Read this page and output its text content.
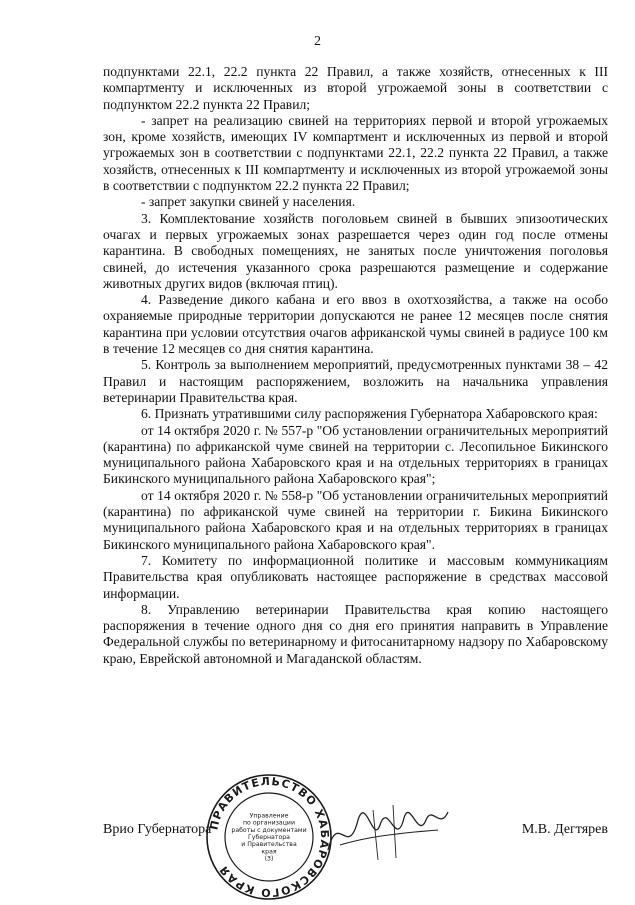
2

подпунктами 22.1, 22.2 пункта 22 Правил, а также хозяйств, отнесенных к III компартменту и исключенных из второй угрожаемой зоны в соответствии с подпунктом 22.2 пункта 22 Правил;

- запрет на реализацию свиней на территориях первой и второй угрожаемых зон, кроме хозяйств, имеющих IV компартмент и исключенных из первой и второй угрожаемых зон в соответствии с подпунктами 22.1, 22.2 пункта 22 Правил, а также хозяйств, отнесенных к III компартменту и исключенных из второй угрожаемой зоны в соответствии с подпунктом 22.2 пункта 22 Правил;

- запрет закупки свиней у населения.

3. Комплектование хозяйств поголовьем свиней в бывших эпизоотических очагах и первых угрожаемых зонах разрешается через один год после отмены карантина. В свободных помещениях, не занятых после уничтожения поголовья свиней, до истечения указанного срока разрешаются размещение и содержание животных других видов (включая птиц).

4. Разведение дикого кабана и его ввоз в охотхозяйства, а также на особо охраняемые природные территории допускаются не ранее 12 месяцев после снятия карантина при условии отсутствия очагов африканской чумы свиней в радиусе 100 км в течение 12 месяцев со дня снятия карантина.

5. Контроль за выполнением мероприятий, предусмотренных пунктами 38 – 42 Правил и настоящим распоряжением, возложить на начальника управления ветеринарии Правительства края.

6. Признать утратившими силу распоряжения Губернатора Хабаровского края:

от 14 октября 2020 г. № 557-р "Об установлении ограничительных мероприятий (карантина) по африканской чуме свиней на территории с. Лесопильное Бикинского муниципального района Хабаровского края и на отдельных территориях в границах Бикинского муниципального района Хабаровского края";

от 14 октября 2020 г. № 558-р "Об установлении ограничительных мероприятий (карантина) по африканской чуме свиней на территории г. Бикина Бикинского муниципального района Хабаровского края и на отдельных территориях в границах Бикинского муниципального района Хабаровского края".

7. Комитету по информационной политике и массовым коммуникациям Правительства края опубликовать настоящее распоряжение в средствах массовой информации.

8. Управлению ветеринарии Правительства края копию настоящего распоряжения в течение одного дня со дня его принятия направить в Управление Федеральной службы по ветеринарному и фитосанитарному надзору по Хабаровскому краю, Еврейской автономной и Магаданской областям.

Врио Губернатора	М.В. Дегтярев
ПРАВИТЕЛЬСТВО ХАБАРОВСКОГО КРАЯ
Управление
по организации
работы с документами
Губернатора
и Правительства
края
(3)
